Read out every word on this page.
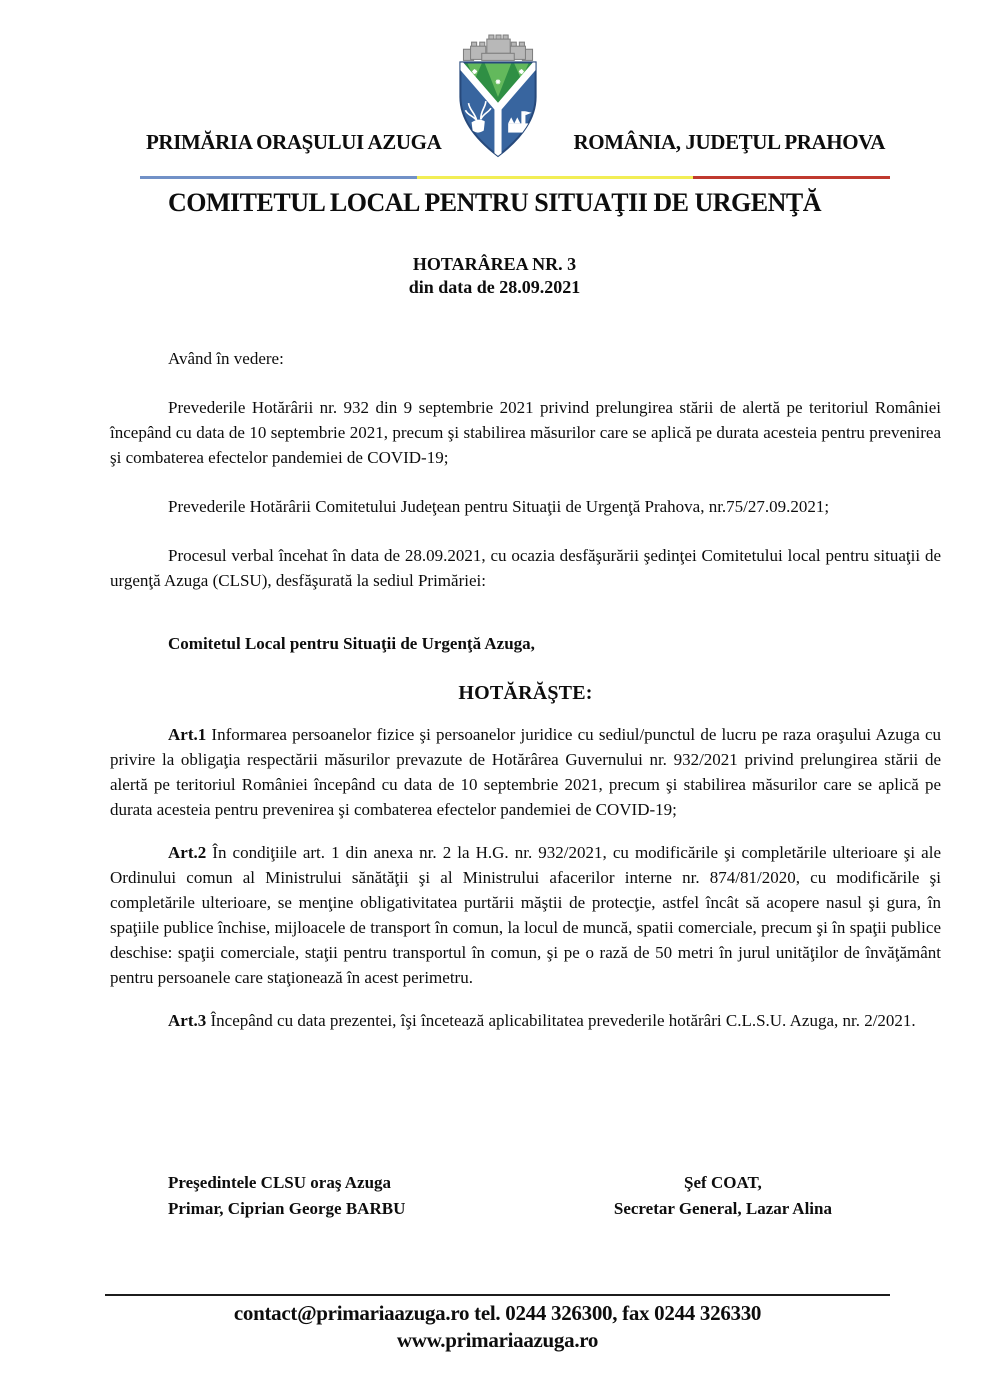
PRIMĂRIA ORAŞULUI AZUGA	ROMÂNIA, JUDEŢUL PRAHOVA
COMITETUL LOCAL PENTRU SITUAŢII DE URGENŢĂ
HOTARÂREA NR. 3
din data de 28.09.2021

Având în vedere:

Prevederile Hotărârii nr. 932 din 9 septembrie 2021 privind prelungirea stării de alertă pe teritoriul României începând cu data de 10 septembrie 2021, precum şi stabilirea măsurilor care se aplică pe durata acesteia pentru prevenirea şi combaterea efectelor pandemiei de COVID-19;

Prevederile Hotărârii Comitetului Judeţean pentru Situaţii de Urgenţă Prahova, nr.75/27.09.2021;

Procesul verbal încehat în data de 28.09.2021, cu ocazia desfăşurării şedinţei Comitetului local pentru situaţii de urgenţă Azuga (CLSU), desfăşurată la sediul Primăriei:

Comitetul Local pentru Situaţii de Urgenţă Azuga,

HOTĂRĂŞTE:

Art.1 Informarea persoanelor fizice şi persoanelor juridice cu sediul/punctul de lucru pe raza oraşului Azuga cu privire la obligaţia respectării măsurilor prevazute de Hotărârea Guvernului nr. 932/2021 privind prelungirea stării de alertă pe teritoriul României începând cu data de 10 septembrie 2021, precum şi stabilirea măsurilor care se aplică pe durata acesteia pentru prevenirea şi combaterea efectelor pandemiei de COVID-19;

Art.2 În condiţiile art. 1 din anexa nr. 2 la H.G. nr. 932/2021, cu modificările şi completările ulterioare şi ale Ordinului comun al Ministrului sănătăţii şi al Ministrului afacerilor interne nr. 874/81/2020, cu modificările şi completările ulterioare, se menţine obligativitatea purtării măştii de protecţie, astfel încât să acopere nasul şi gura, în spaţiile publice închise, mijloacele de transport în comun, la locul de muncă, spatii comerciale, precum şi în spaţii publice deschise: spaţii comerciale, staţii pentru transportul în comun, şi pe o rază de 50 metri în jurul unităţilor de învăţământ pentru persoanele care staţionează în acest perimetru.

Art.3 Începând cu data prezentei, îşi încetează aplicabilitatea prevederile hotărâri C.L.S.U. Azuga, nr. 2/2021.

Preşedintele CLSU oraş Azuga
Primar, Ciprian George BARBU
Şef COAT,
Secretar General, Lazar Alina
contact@primariaazuga.ro tel. 0244 326300, fax 0244 326330
www.primariaazuga.ro
